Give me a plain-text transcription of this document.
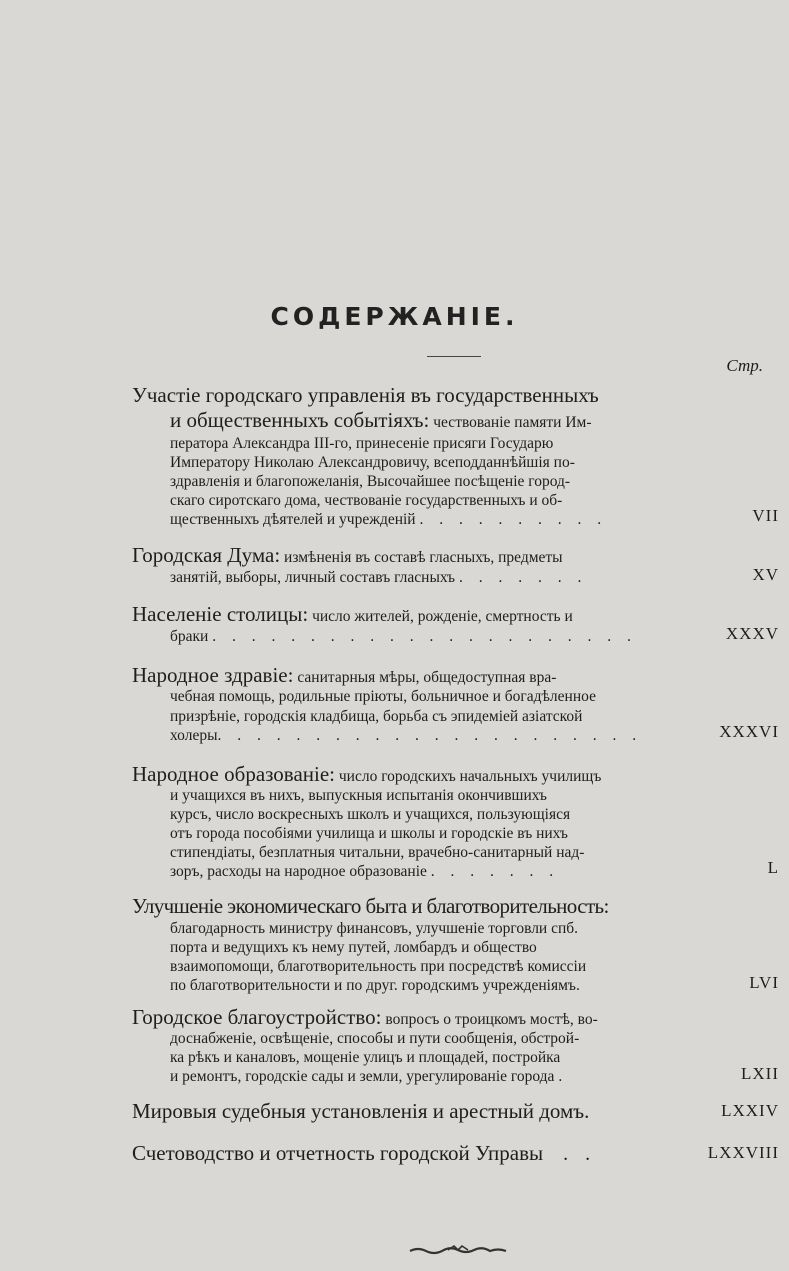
СОДЕРЖАНІЕ.
Стр.
Участіе городскаго управленія въ государственныхъ
и общественныхъ событіяхъ: чествованіе памяти Им-
ператора Александра III-го, принесеніе присяги Государю
Императору Николаю Александровичу, всеподданнѣйшія по-
здравленія и благопожеланія, Высочайшее посѣщеніе город-
скаго сиротскаго дома, чествованіе государственныхъ и об-
щественныхъ дѣятелей и учрежденій . . . . . . . . . .	VII
Городская Дума: измѣненія въ составѣ гласныхъ, предметы
занятій, выборы, личный составъ гласныхъ . . . . . . .	XV
Населеніе столицы: число жителей, рожденіе, смертность и
браки . . . . . . . . . . . . . . . . . . . . . .	XXXV
Народное здравіе: санитарныя мѣры, общедоступная вра-
чебная помощь, родильные пріюты, больничное и богадѣленное
призрѣніе, городскія кладбища, борьба съ эпидеміей азіатской
холеры. . . . . . . . . . . . . . . . . . . . . .	XXXVI
Народное образованіе: число городскихъ начальныхъ училищъ
и учащихся въ нихъ, выпускныя испытанія окончившихъ
курсъ, число воскресныхъ школъ и учащихся, пользующіяся
отъ города пособіями училища и школы и городскіе въ нихъ
стипендіаты, безплатныя читальни, врачебно-санитарный над-
зоръ, расходы на народное образованіе . . . . . . .	L
Улучшеніе экономическаго быта и благотворительность:
благодарность министру финансовъ, улучшеніе торговли спб.
порта и ведущихъ къ нему путей, ломбардъ и общество
взаимопомощи, благотворительность при посредствѣ комиссіи
по благотворительности и по друг. городскимъ учрежденіямъ.	LVI
Городское благоустройство: вопросъ о троицкомъ мостѣ, во-
доснабженіе, освѣщеніе, способы и пути сообщенія, обстрой-
ка рѣкъ и каналовъ, мощеніе улицъ и площадей, постройка
и ремонтъ, городскіе сады и земли, урегулированіе города .	LXII
Мировыя судебныя установленія и арестный домъ.	LXXIV
Счетоводство и отчетность городской Управы . .	LXXVIII
